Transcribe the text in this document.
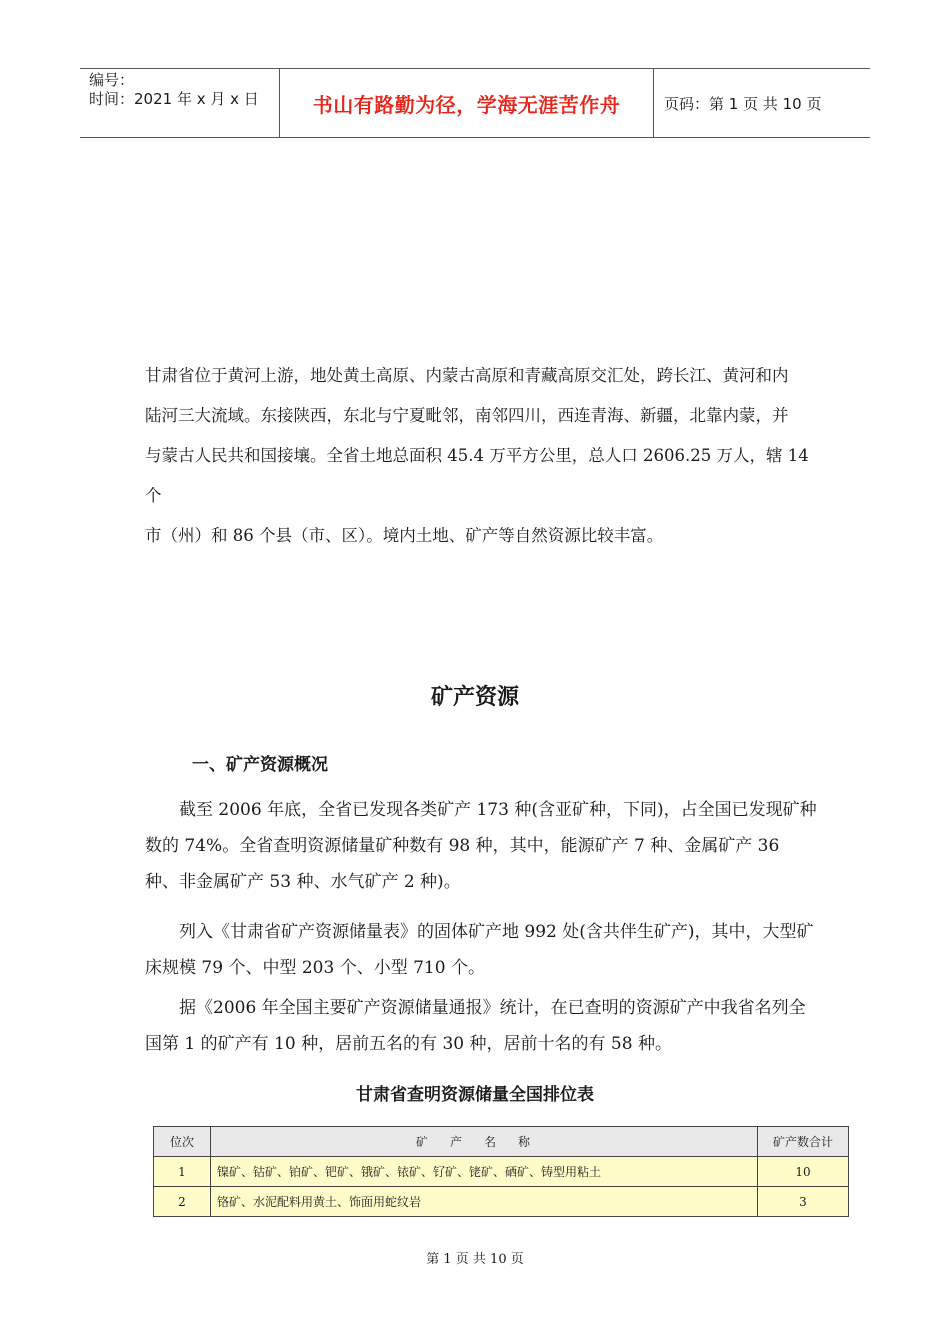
编号：
时间：2021 年 x 月 x 日	书山有路勤为径，学海无涯苦作舟	页码：第 1 页 共 10 页

甘肃省位于黄河上游，地处黄土高原、内蒙古高原和青藏高原交汇处，跨长江、黄河和内

陆河三大流域。东接陕西，东北与宁夏毗邻，南邻四川，西连青海、新疆，北靠内蒙，并

与蒙古人民共和国接壤。全省土地总面积 45.4 万平方公里，总人口 2606.25 万人，辖 14 个

市（州）和 86 个县（市、区）。境内土地、矿产等自然资源比较丰富。

矿产资源
一、矿产资源概况

截至 2006 年底，全省已发现各类矿产 173 种(含亚矿种，下同)，占全国已发现矿种数的 74%。全省查明资源储量矿种数有 98 种，其中，能源矿产 7 种、金属矿产 36 种、非金属矿产 53 种、水气矿产 2 种)。

列入《甘肃省矿产资源储量表》的固体矿产地 992 处(含共伴生矿产)，其中，大型矿床规模 79 个、中型 203 个、小型 710 个。

据《2006 年全国主要矿产资源储量通报》统计，在已查明的资源矿产中我省名列全国第 1 的矿产有 10 种，居前五名的有 30 种，居前十名的有 58 种。

甘肃省查明资源储量全国排位表
位次	矿产名称	矿产数合计
1	镍矿、钴矿、铂矿、钯矿、锇矿、铱矿、钌矿、铑矿、硒矿、铸型用粘土	10
2	铬矿、水泥配料用黄土、饰面用蛇纹岩	3
第 1 页 共 10 页
